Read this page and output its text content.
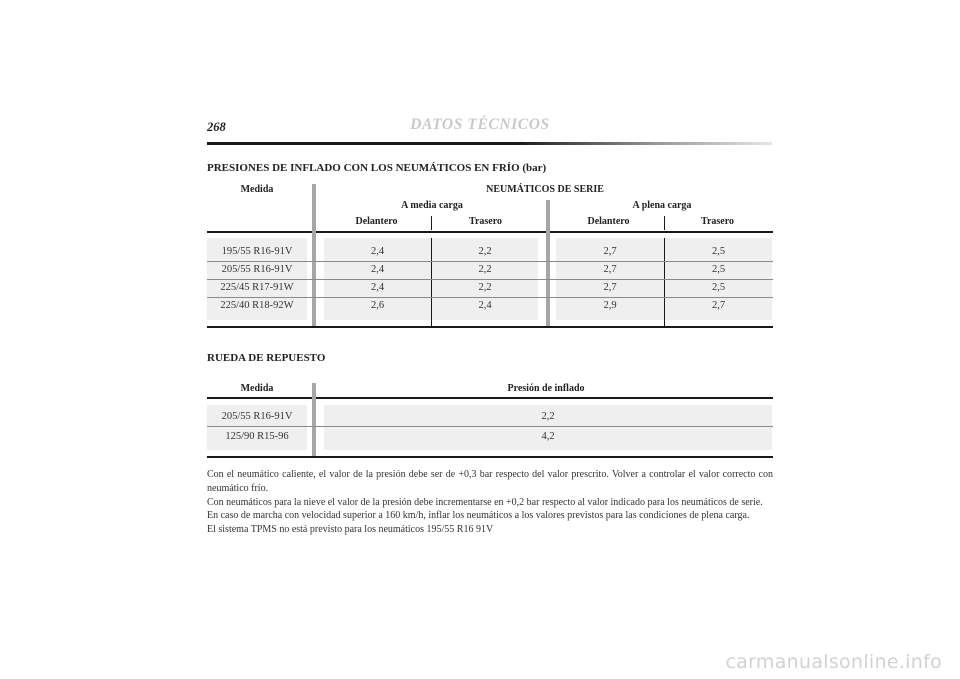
268	DATOS TÉCNICOS
PRESIONES DE INFLADO CON LOS NEUMÁTICOS EN FRÍO (bar)
Medida	NEUMÁTICOS DE SERIE
A media carga	A plena carga
Delantero	Trasero	Delantero	Trasero
195/55 R16-91V	2,4	2,2	2,7	2,5
205/55 R16-91V	2,4	2,2	2,7	2,5
225/45 R17-91W	2,4	2,2	2,7	2,5
225/40 R18-92W	2,6	2,4	2,9	2,7
RUEDA DE REPUESTO
Medida	Presión de inflado
205/55 R16-91V	2,2
125/90 R15-96	4,2

Con el neumático caliente, el valor de la presión debe ser de +0,3 bar respecto del valor prescrito. Volver a controlar el valor correcto con neumático frío.

Con neumáticos para la nieve el valor de la presión debe incrementarse en +0,2 bar respecto al valor indicado para los neumáticos de serie.

En caso de marcha con velocidad superior a 160 km/h, inflar los neumáticos a los valores previstos para las condiciones de plena carga.

El sistema TPMS no está previsto para los neumáticos 195/55 R16 91V

carmanualsonline.info
